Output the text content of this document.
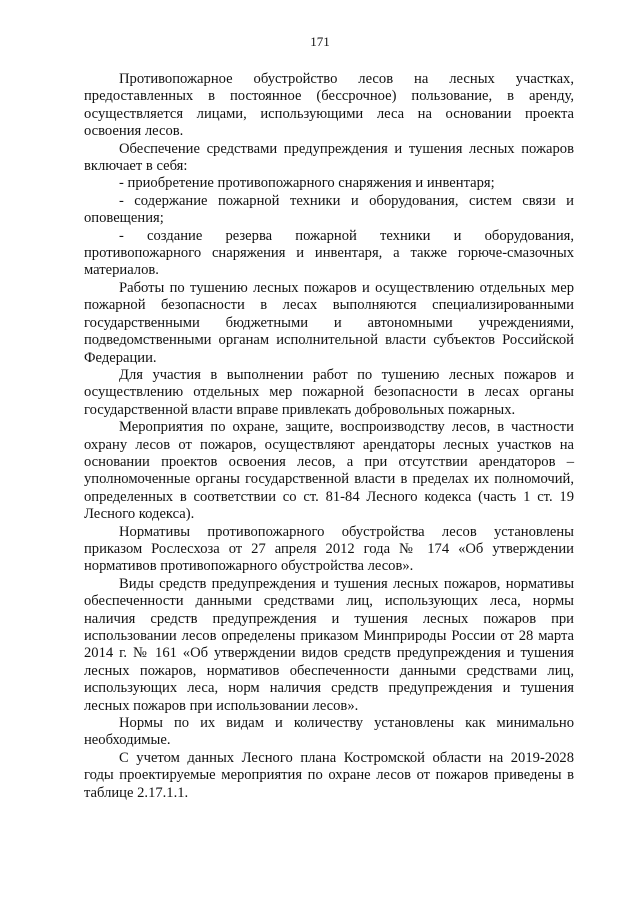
171

Противопожарное обустройство лесов на лесных участках, предоставленных в постоянное (бессрочное) пользование, в аренду, осуществляется лицами, использующими леса на основании проекта освоения лесов.

Обеспечение средствами предупреждения и тушения лесных пожаров включает в себя:

- приобретение противопожарного снаряжения и инвентаря;

- содержание пожарной техники и оборудования, систем связи и оповещения;

- создание резерва пожарной техники и оборудования, противопожарного снаряжения и инвентаря, а также горюче-смазочных материалов.

Работы по тушению лесных пожаров и осуществлению отдельных мер пожарной безопасности в лесах выполняются специализированными государственными бюджетными и автономными учреждениями, подведомственными органам исполнительной власти субъектов Российской Федерации.

Для участия в выполнении работ по тушению лесных пожаров и осуществлению отдельных мер пожарной безопасности в лесах органы государственной власти вправе привлекать добровольных пожарных.

Мероприятия по охране, защите, воспроизводству лесов, в частности охрану лесов от пожаров, осуществляют арендаторы лесных участков на основании проектов освоения лесов, а при отсутствии арендаторов – уполномоченные органы государственной власти в пределах их полномочий, определенных в соответствии со ст. 81-84 Лесного кодекса (часть 1 ст. 19 Лесного кодекса).

Нормативы противопожарного обустройства лесов установлены приказом Рослесхоза от 27 апреля 2012 года № 174 «Об утверждении нормативов противопожарного обустройства лесов».

Виды средств предупреждения и тушения лесных пожаров, нормативы обеспеченности данными средствами лиц, использующих леса, нормы наличия средств предупреждения и тушения лесных пожаров при использовании лесов определены приказом Минприроды России от 28 марта 2014 г. № 161 «Об утверждении видов средств предупреждения и тушения лесных пожаров, нормативов обеспеченности данными средствами лиц, использующих леса, норм наличия средств предупреждения и тушения лесных пожаров при использовании лесов».

Нормы по их видам и количеству установлены как минимально необходимые.

С учетом данных Лесного плана Костромской области на 2019-2028 годы проектируемые мероприятия по охране лесов от пожаров приведены в таблице 2.17.1.1.
